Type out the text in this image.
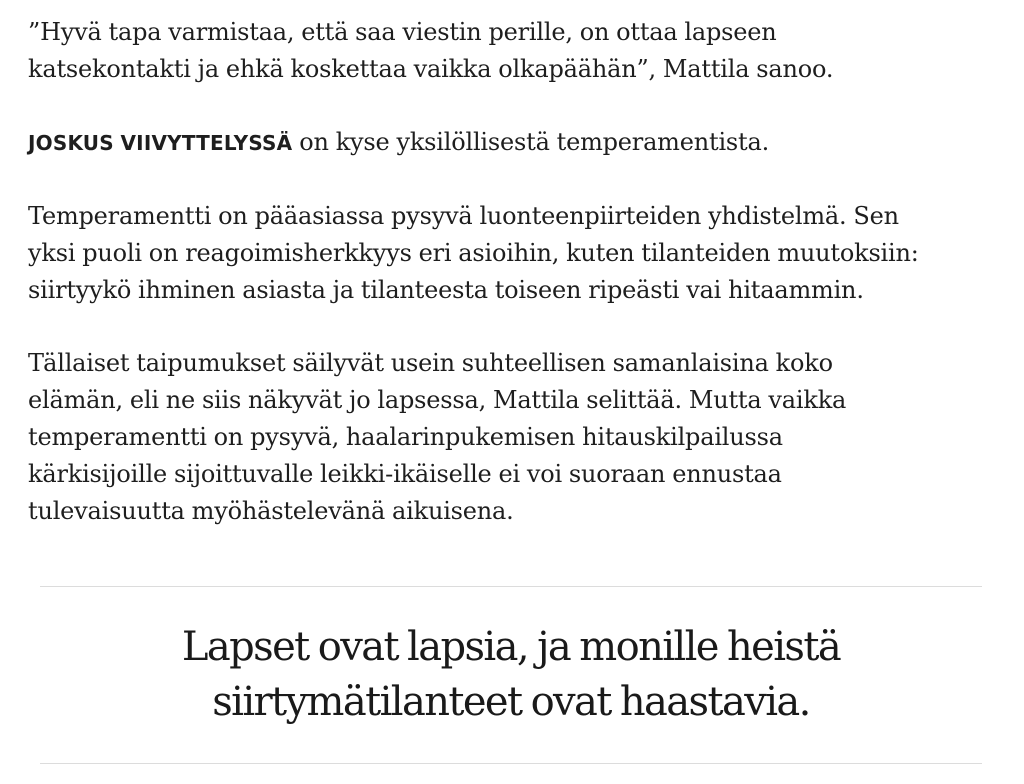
”Hyvä tapa varmistaa, että saa viestin perille, on ottaa lapseen
katsekontakti ja ehkä koskettaa vaikka olkapäähän”, Mattila sanoo.

JOSKUS VIIVYTTELYSSÄ on kyse yksilöllisestä temperamentista.

Temperamentti on pääasiassa pysyvä luonteenpiirteiden yhdistelmä. Sen
yksi puoli on reagoimisherkkyys eri asioihin, kuten tilanteiden muutoksiin:
siirtyykö ihminen asiasta ja tilanteesta toiseen ripeästi vai hitaammin.

Tällaiset taipumukset säilyvät usein suhteellisen samanlaisina koko
elämän, eli ne siis näkyvät jo lapsessa, Mattila selittää. Mutta vaikka
temperamentti on pysyvä, haalarinpukemisen hitauskilpailussa
kärkisijoille sijoittuvalle leikki-ikäiselle ei voi suoraan ennustaa
tulevaisuutta myöhästelevänä aikuisena.

Lapset ovat lapsia, ja monille heistä
siirtymätilanteet ovat haastavia.
